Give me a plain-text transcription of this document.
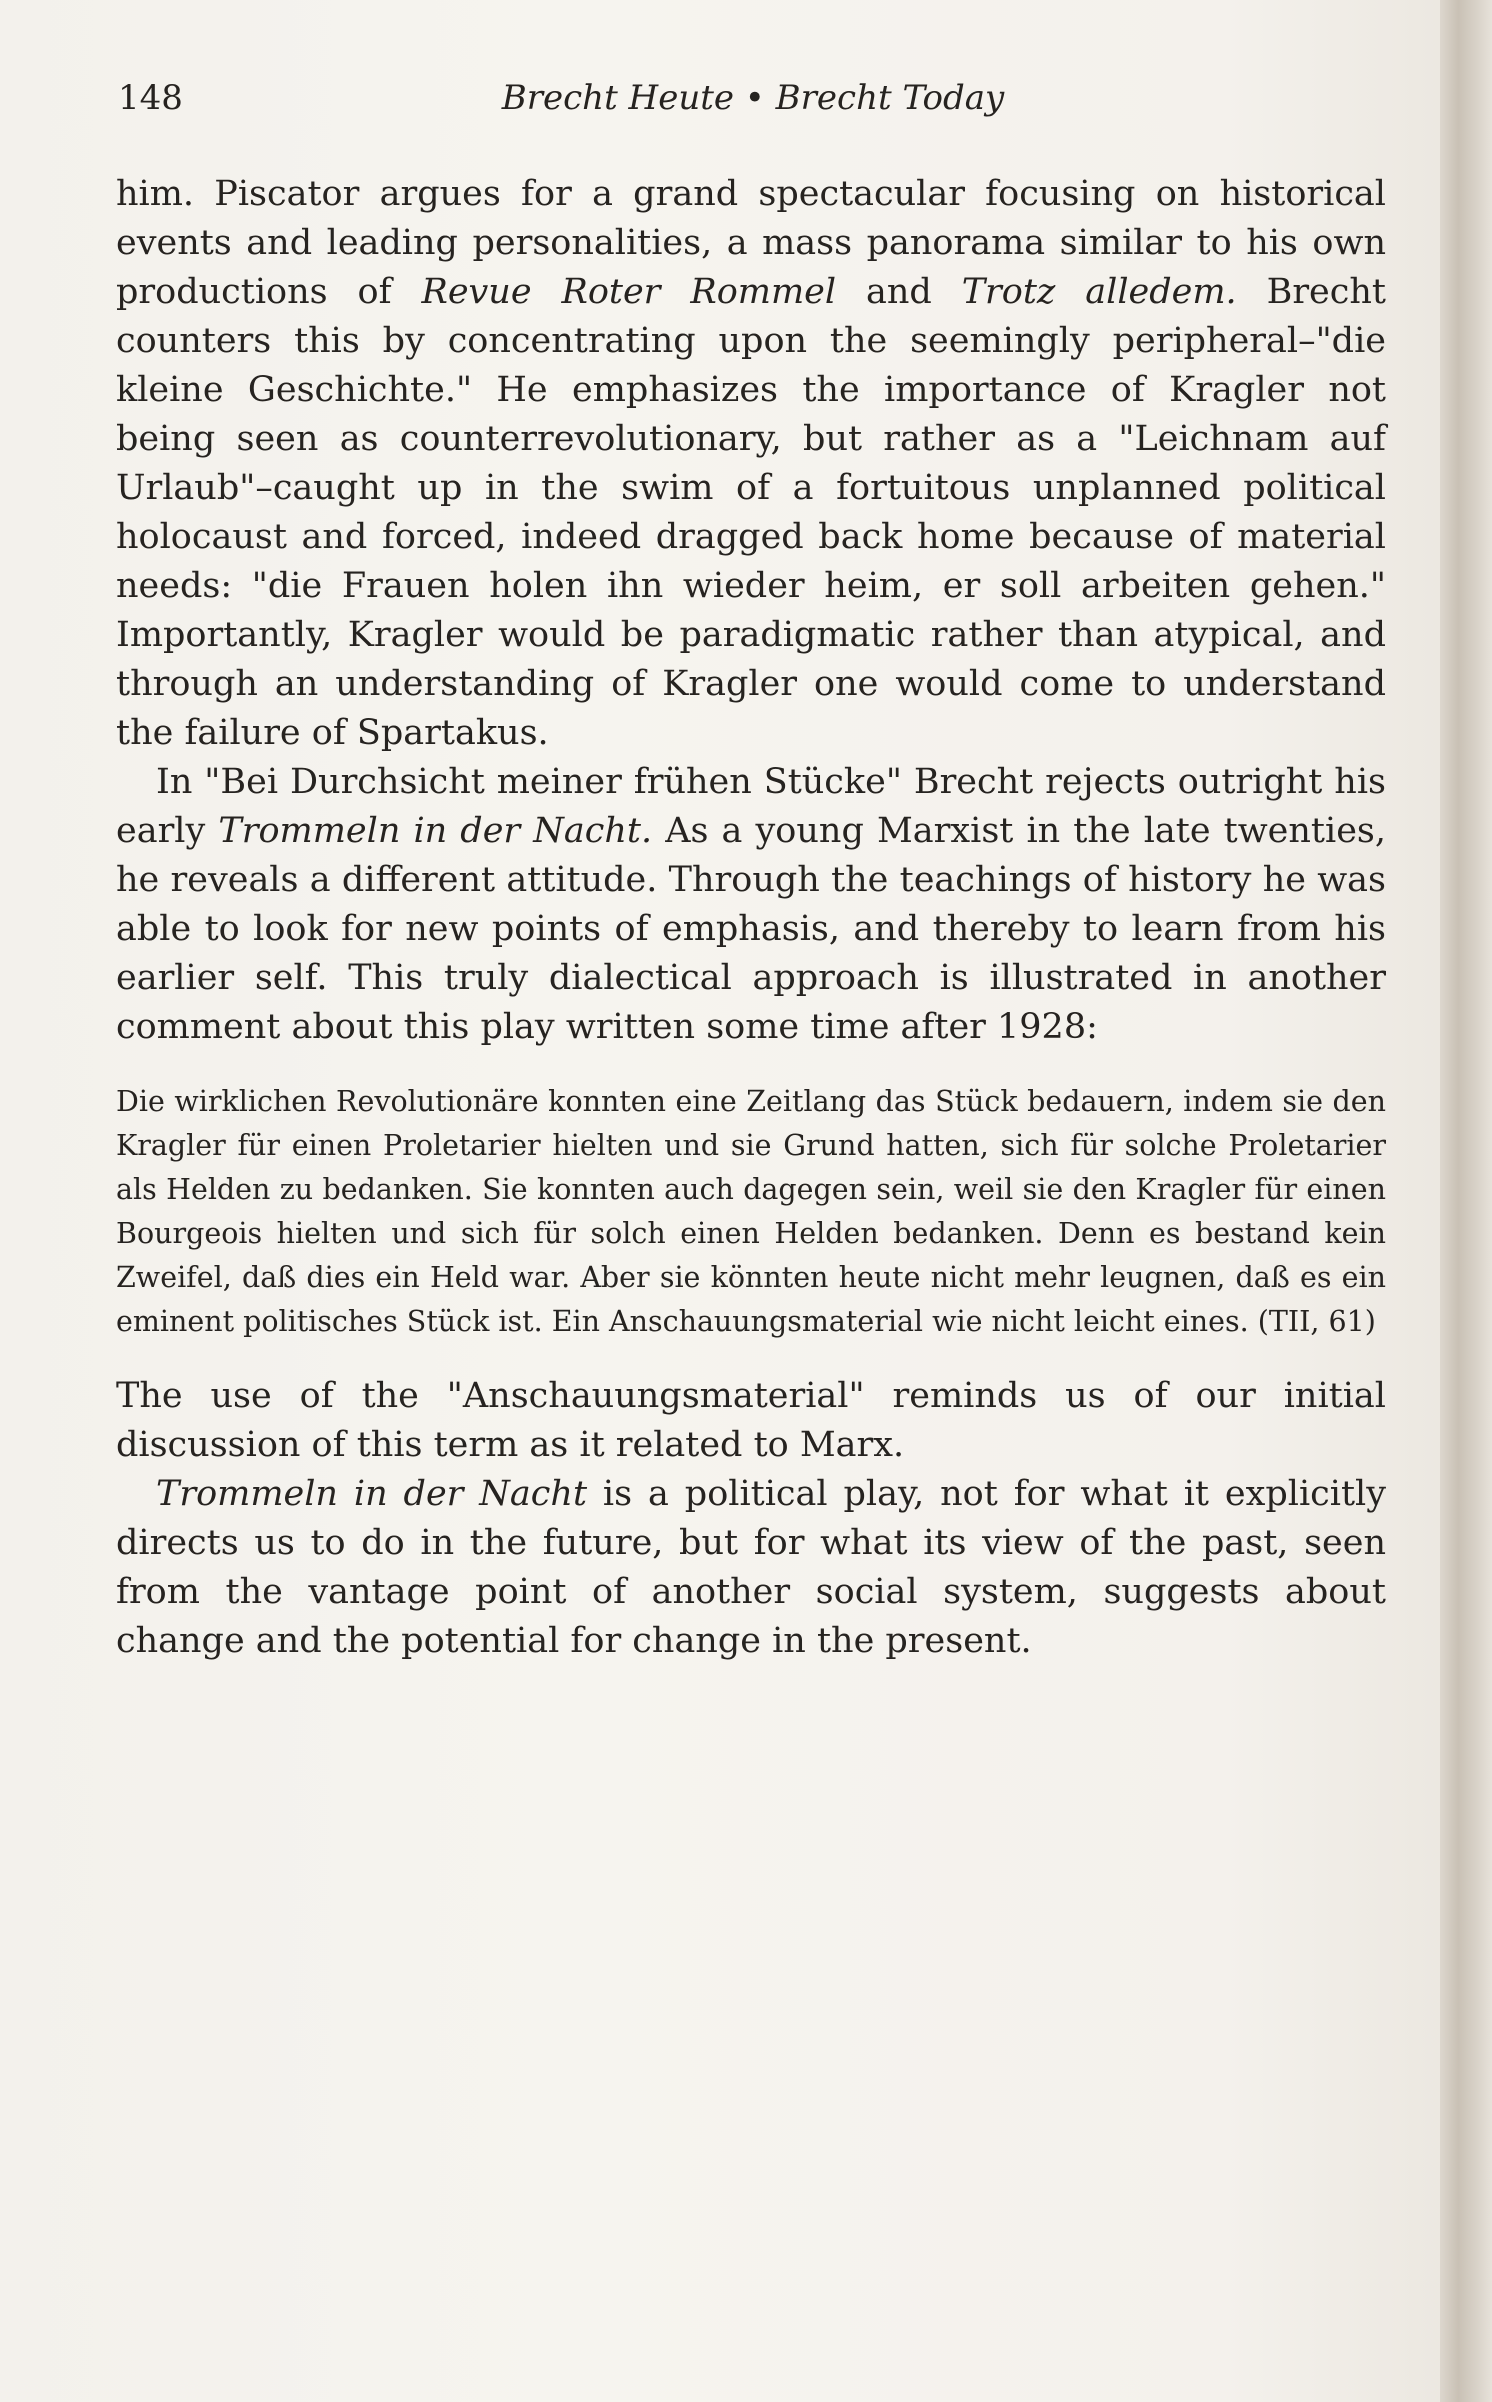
148	Brecht Heute • Brecht Today

him. Piscator argues for a grand spectacular focusing on historical events and leading personalities, a mass panorama similar to his own productions of Revue Roter Rommel and Trotz alledem. Brecht counters this by concentrating upon the seemingly peripheral–"die kleine Geschichte." He emphasizes the importance of Kragler not being seen as counterrevolutionary, but rather as a "Leichnam auf Urlaub"–caught up in the swim of a fortuitous unplanned political holocaust and forced, indeed dragged back home because of material needs: "die Frauen holen ihn wieder heim, er soll arbeiten gehen." Importantly, Kragler would be paradigmatic rather than atypical, and through an understanding of Kragler one would come to understand the failure of Spartakus.

In "Bei Durchsicht meiner frühen Stücke" Brecht rejects outright his early Trommeln in der Nacht. As a young Marxist in the late twenties, he reveals a different attitude. Through the teachings of history he was able to look for new points of emphasis, and thereby to learn from his earlier self. This truly dialectical approach is illustrated in another comment about this play written some time after 1928:

Die wirklichen Revolutionäre konnten eine Zeitlang das Stück bedauern, indem sie den Kragler für einen Proletarier hielten und sie Grund hatten, sich für solche Proletarier als Helden zu bedanken. Sie konnten auch dagegen sein, weil sie den Kragler für einen Bourgeois hielten und sich für solch einen Helden bedanken. Denn es bestand kein Zweifel, daß dies ein Held war. Aber sie könnten heute nicht mehr leugnen, daß es ein eminent politisches Stück ist. Ein Anschauungsmaterial wie nicht leicht eines. (TII, 61)

The use of the "Anschauungsmaterial" reminds us of our initial discussion of this term as it related to Marx.

Trommeln in der Nacht is a political play, not for what it explicitly directs us to do in the future, but for what its view of the past, seen from the vantage point of another social system, suggests about change and the potential for change in the present.
